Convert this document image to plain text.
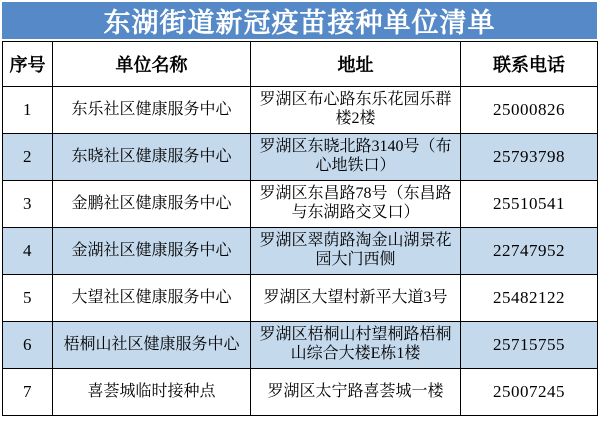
东湖街道新冠疫苗接种单位清单
序号	单位名称	地址	联系电话
1	东乐社区健康服务中心	罗湖区布心路东乐花园乐群楼2楼	25000826
2	东晓社区健康服务中心	罗湖区东晓北路3140号（布心地铁口）	25793798
3	金鹏社区健康服务中心	罗湖区东昌路78号（东昌路与东湖路交叉口）	25510541
4	金湖社区健康服务中心	罗湖区翠荫路淘金山湖景花园大门西侧	22747952
5	大望社区健康服务中心	罗湖区大望村新平大道3号	25482122
6	梧桐山社区健康服务中心	罗湖区梧桐山村望桐路梧桐山综合大楼E栋1楼	25715755
7	喜荟城临时接种点	罗湖区太宁路喜荟城一楼	25007245
